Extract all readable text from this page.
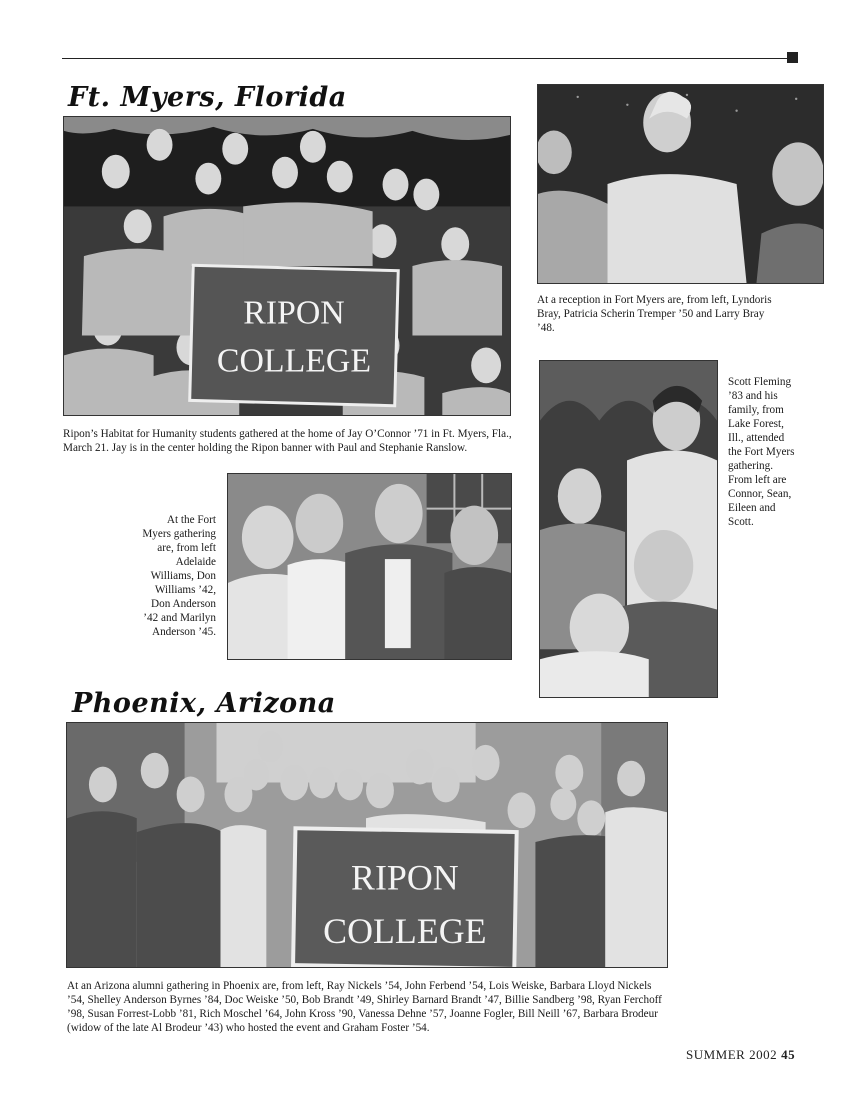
Ft. Myers, Florida
RIPON
COLLEGE

Ripon’s Habitat for Humanity students gathered at the home of Jay O’Connor ’71 in Ft. Myers, Fla., March 21. Jay is in the center holding the Ripon banner with Paul and Stephanie Ranslow.

At a reception in Fort Myers are, from left, Lyndoris Bray, Patricia Scherin Tremper ’50 and Larry Bray ’48.

Scott Fleming ’83 and his family, from Lake Forest, Ill., attended the Fort Myers gathering. From left are Connor, Sean, Eileen and Scott.

At the Fort Myers gathering are, from left Adelaide Williams, Don Williams ’42, Don Anderson ’42 and Marilyn Anderson ’45.

Phoenix, Arizona
RIPON
COLLEGE

At an Arizona alumni gathering in Phoenix are, from left, Ray Nickels ’54, John Ferbend ’54, Lois Weiske, Barbara Lloyd Nickels ’54, Shelley Anderson Byrnes ’84, Doc Weiske ’50, Bob Brandt ’49, Shirley Barnard Brandt ’47, Billie Sandberg ’98, Ryan Ferchoff ’98, Susan Forrest-Lobb ’81, Rich Moschel ’64, John Kross ’90, Vanessa Dehne ’57, Joanne Fogler, Bill Neill ’67, Barbara Brodeur (widow of the late Al Brodeur ’43) who hosted the event and Graham Foster ’54.

SUMMER 2002 45
